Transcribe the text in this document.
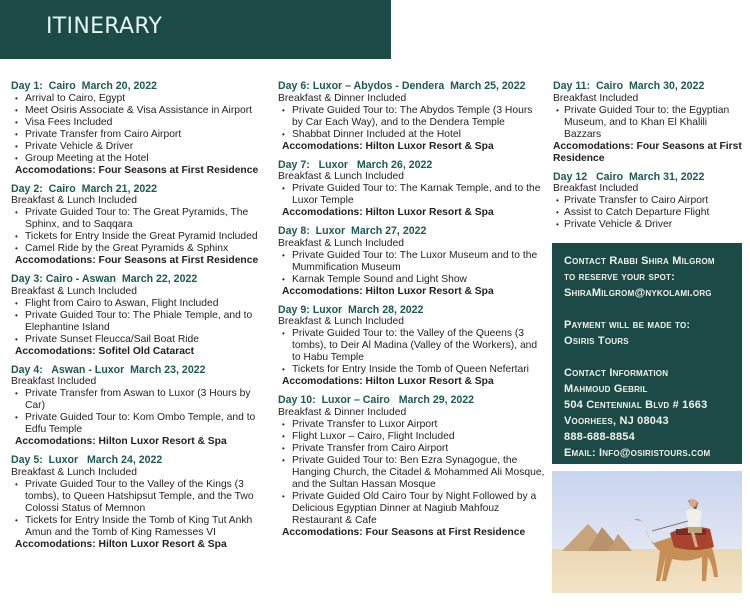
ITINERARY
Day 1:  Cairo  March 20, 2022
• Arrival to Cairo, Egypt
• Meet Osiris Associate & Visa Assistance in Airport
• Visa Fees Included
• Private Transfer from Cairo Airport
• Private Vehicle & Driver
• Group Meeting at the Hotel
Accomodations: Four Seasons at First Residence
Day 2:  Cairo  March 21, 2022
Breakfast & Lunch Included
• Private Guided Tour to: The Great Pyramids, The Sphinx, and to Saqqara
• Tickets for Entry Inside the Great Pyramid Included
• Camel Ride by the Great Pyramids & Sphinx
Accomodations: Four Seasons at First Residence
Day 3: Cairo - Aswan  March 22, 2022
Breakfast & Lunch Included
• Flight from Cairo to Aswan, Flight Included
• Private Guided Tour to: The Phiale Temple, and to Elephantine Island
• Private Sunset Fleucca/Sail Boat Ride
Accomodations: Sofitel Old Cataract
Day 4:   Aswan - Luxor  March 23, 2022
Breakfast Included
• Private Transfer from Aswan to Luxor (3 Hours by Car)
• Private Guided Tour to: Kom Ombo Temple, and to Edfu Temple
Accomodations: Hilton Luxor Resort & Spa
Day 5:  Luxor   March 24, 2022
Breakfast & Lunch Included
• Private Guided Tour to the Valley of the Kings (3 tombs), to Queen Hatshipsut Temple, and the Two Colossi Status of Memnon
• Tickets for Entry Inside the Tomb of King Tut Ankh Amun and the Tomb of King Ramesses VI
Accomodations: Hilton Luxor Resort & Spa
Day 6: Luxor – Abydos - Dendera  March 25, 2022
Breakfast & Dinner Included
• Private Guided Tour to: The Abydos Temple (3 Hours by Car Each Way), and to the Dendera Temple
• Shabbat Dinner Included at the Hotel
Accomodations: Hilton Luxor Resort & Spa
Day 7:   Luxor   March 26, 2022
Breakfast & Lunch Included
• Private Guided Tour to: The Karnak Temple, and to the Luxor Temple
Accomodations: Hilton Luxor Resort & Spa
Day 8:  Luxor  March 27, 2022
Breakfast & Lunch Included
• Private Guided Tour to: The Luxor Museum and to the Mummification Museum
• Karnak Temple Sound and Light Show
Accomodations: Hilton Luxor Resort & Spa
Day 9: Luxor  March 28, 2022
Breakfast & Lunch Included
• Private Guided Tour to: the Valley of the Queens (3 tombs), to Deir Al Madina (Valley of the Workers), and to Habu Temple
• Tickets for Entry Inside the Tomb of Queen Nefertari
Accomodations: Hilton Luxor Resort & Spa
Day 10:  Luxor – Cairo   March 29, 2022
Breakfast & Dinner Included
• Private Transfer to Luxor Airport
• Flight Luxor – Cairo, Flight Included
• Private Transfer from Cairo Airport
• Private Guided Tour to: Ben Ezra Synagogue, the Hanging Church, the Citadel & Mohammed Ali Mosque, and the Sultan Hassan Mosque
• Private Guided Old Cairo Tour by Night Followed by a Delicious Egyptian Dinner at Nagiub Mahfouz Restaurant & Cafe
Accomodations: Four Seasons at First Residence
Day 11:  Cairo  March 30, 2022
Breakfast Included
• Private Guided Tour to: the Egyptian Museum, and to Khan El Khalili Bazzars
Accomodations: Four Seasons at First Residence
Day 12   Cairo  March 31, 2022
Breakfast Included
• Private Transfer to Cairo Airport
• Assist to Catch Departure Flight
• Private Vehicle & Driver

Contact Rabbi Shira Milgrom
to reserve your spot:
ShiraMilgrom@nykolami.org

Payment will be made to:
Osiris Tours

Contact Information
Mahmoud Gebril
504 Centennial Blvd # 1663
Voorhees, NJ 08043
888-688-8854
Email: Info@osiristours.com
